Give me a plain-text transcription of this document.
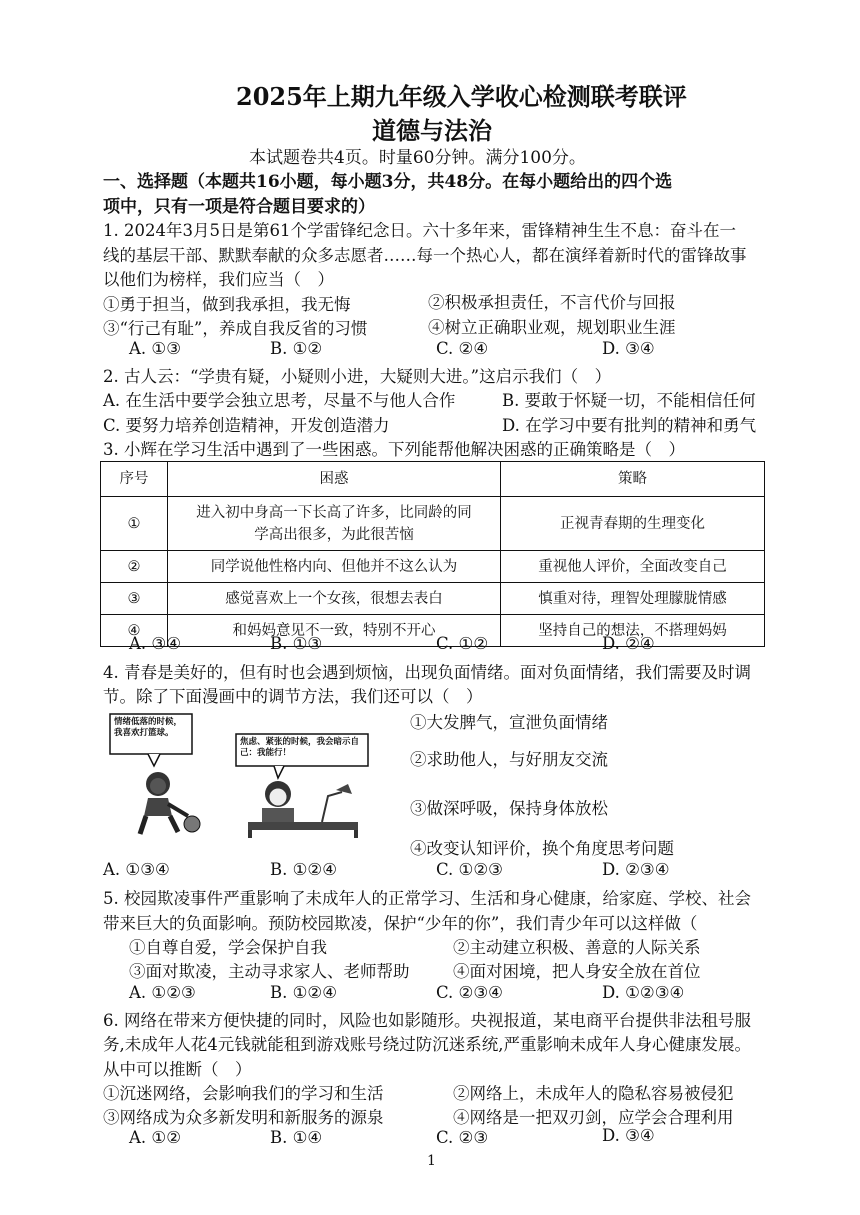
2025年上期九年级入学收心检测联考联评
道德与法治
本试题卷共4页。时量60分钟。满分100分。
一、选择题（本题共16小题，每小题3分，共48分。在每小题给出的四个选
项中，只有一项是符合题目要求的）
1. 2024年3月5日是第61个学雷锋纪念日。六十多年来，雷锋精神生生不息：奋斗在一
线的基层干部、默默奉献的众多志愿者……每一个热心人，都在演绎着新时代的雷锋故事
以他们为榜样，我们应当（　）
①勇于担当，做到我承担，我无悔	②积极承担责任，不言代价与回报
③“行己有耻”，养成自我反省的习惯	④树立正确职业观，规划职业生涯
A. ①③	B. ①②	C. ②④	D. ③④
2. 古人云：“学贵有疑，小疑则小进，大疑则大进。”这启示我们（　）
A. 在生活中要学会独立思考，尽量不与他人合作	B. 要敢于怀疑一切，不能相信任何
C. 要努力培养创造精神，开发创造潜力	D. 在学习中要有批判的精神和勇气
3. 小辉在学习生活中遇到了一些困惑。下列能帮他解决困惑的正确策略是（　）
序号	困惑	策略
①	进入初中身高一下长高了许多，比同龄的同
学高出很多，为此很苦恼	正视青春期的生理变化
②	同学说他性格内向、但他并不这么认为	重视他人评价，全面改变自己
③	感觉喜欢上一个女孩，很想去表白	慎重对待，理智处理朦胧情感
④	和妈妈意见不一致，特别不开心	坚持自己的想法，不搭理妈妈
A. ③④	B. ①③	C. ①②	D. ②④
4. 青春是美好的，但有时也会遇到烦恼，出现负面情绪。面对负面情绪，我们需要及时调
节。除了下面漫画中的调节方法，我们还可以（　）
情绪低落的时候，我喜欢打篮球。
焦虑、紧张的时候，我会暗示自己：我能行！
①大发脾气，宣泄负面情绪
②求助他人，与好朋友交流
③做深呼吸，保持身体放松
④改变认知评价，换个角度思考问题
A. ①③④	B. ①②④	C. ①②③	D. ②③④
5. 校园欺凌事件严重影响了未成年人的正常学习、生活和身心健康，给家庭、学校、社会
带来巨大的负面影响。预防校园欺凌，保护“少年的你”，我们青少年可以这样做（
①自尊自爱，学会保护自我	②主动建立积极、善意的人际关系
③面对欺凌，主动寻求家人、老师帮助	④面对困境，把人身安全放在首位
A. ①②③	B. ①②④	C. ②③④	D. ①②③④
6. 网络在带来方便快捷的同时，风险也如影随形。央视报道，某电商平台提供非法租号服
务,未成年人花4元钱就能租到游戏账号绕过防沉迷系统,严重影响未成年人身心健康发展。
从中可以推断（　）
①沉迷网络，会影响我们的学习和生活	②网络上，未成年人的隐私容易被侵犯
③网络成为众多新发明和新服务的源泉	④网络是一把双刃剑，应学会合理利用
A. ①②	B. ①④	C. ②③	D. ③④
1
